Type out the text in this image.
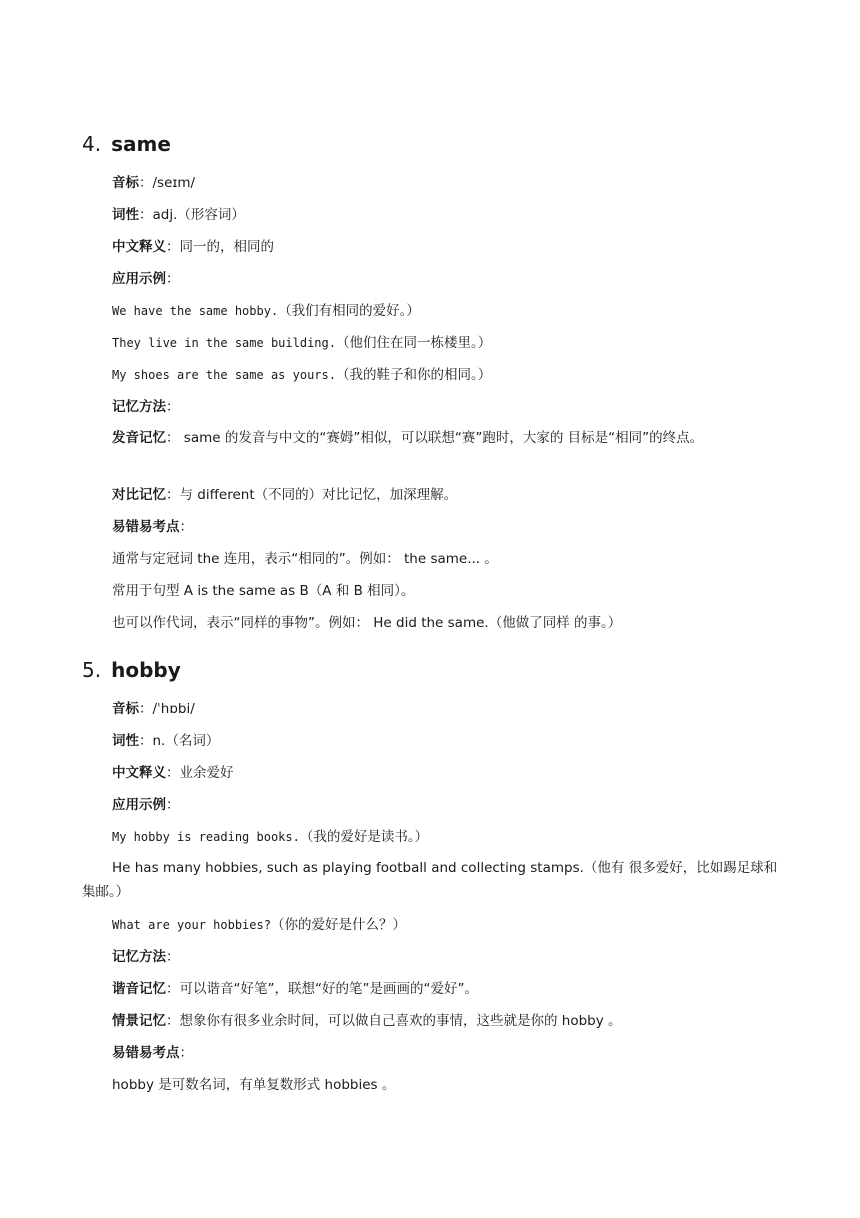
4. same
音标：/seɪm/
词性：adj.（形容词）
中文释义：同一的，相同的
应用示例：
We have the same hobby.（我们有相同的爱好。）
They live in the same building.（他们住在同一栋楼里。）
My shoes are the same as yours.（我的鞋子和你的相同。）
记忆方法：
发音记忆： same 的发音与中文的“赛姆”相似，可以联想“赛”跑时，大家的 目标是“相同”的终点。
对比记忆：与 different（不同的）对比记忆，加深理解。
易错易考点：
通常与定冠词 the 连用，表示“相同的”。例如： the same... 。
常用于句型 A is the same as B（A 和 B 相同）。
也可以作代词，表示“同样的事物”。例如： He did the same.（他做了同样 的事。）
5. hobby
音标：/ˈhɒbi/
词性：n.（名词）
中文释义：业余爱好
应用示例：
My hobby is reading books.（我的爱好是读书。）
He has many hobbies, such as playing football and collecting stamps.（他有 很多爱好，比如踢足球和集邮。）
What are your hobbies?（你的爱好是什么？）
记忆方法：
谐音记忆：可以谐音“好笔”，联想“好的笔”是画画的“爱好”。
情景记忆：想象你有很多业余时间，可以做自己喜欢的事情，这些就是你的 hobby 。
易错易考点：
hobby 是可数名词，有单复数形式 hobbies 。
